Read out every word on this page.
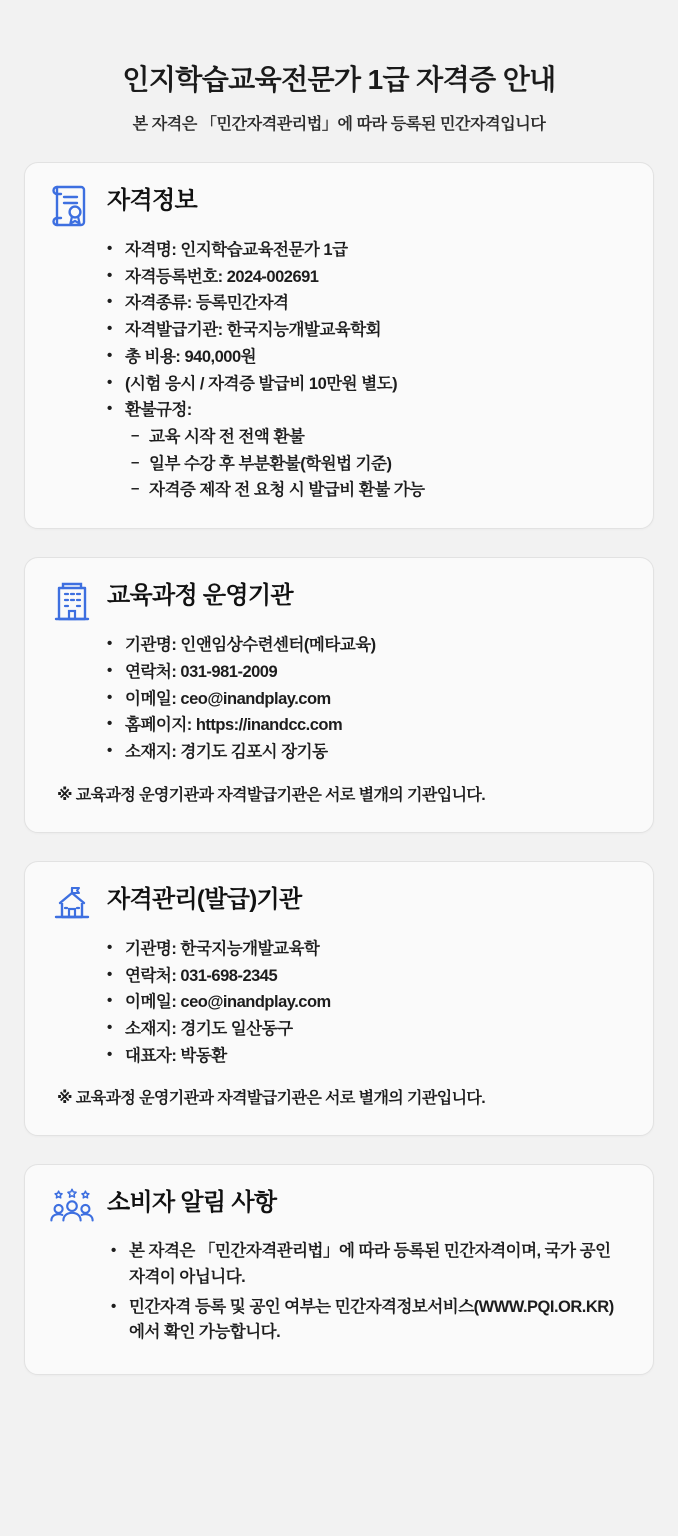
인지학습교육전문가 1급 자격증 안내
본 자격은 「민간자격관리법」에 따라 등록된 민간자격입니다
자격정보
• 자격명: 인지학습교육전문가 1급
• 자격등록번호: 2024-002691
• 자격종류: 등록민간자격
• 자격발급기관: 한국지능개발교육학회
• 총 비용: 940,000원
• (시험 응시 / 자격증 발급비 10만원 별도)
• 환불규정:
– 교육 시작 전 전액 환불
– 일부 수강 후 부분환불(학원법 기준)
– 자격증 제작 전 요청 시 발급비 환불 가능
교육과정 운영기관
• 기관명: 인앤임상수련센터(메타교육)
• 연락처: 031-981-2009
• 이메일: ceo@inandplay.com
• 홈페이지: https://inandcc.com
• 소재지: 경기도 김포시 장기동
※ 교육과정 운영기관과 자격발급기관은 서로 별개의 기관입니다.
자격관리(발급)기관
• 기관명: 한국지능개발교육학
• 연락처: 031-698-2345
• 이메일: ceo@inandplay.com
• 소재지: 경기도 일산동구
• 대표자: 박동환
※ 교육과정 운영기관과 자격발급기관은 서로 별개의 기관입니다.
소비자 알림 사항
• 본 자격은 「민간자격관리법」에 따라 등록된 민간자격이며, 국가 공인 자격이 아닙니다.
• 민간자격 등록 및 공인 여부는 민간자격정보서비스(WWW.PQI.OR.KR)에서 확인 가능합니다.
